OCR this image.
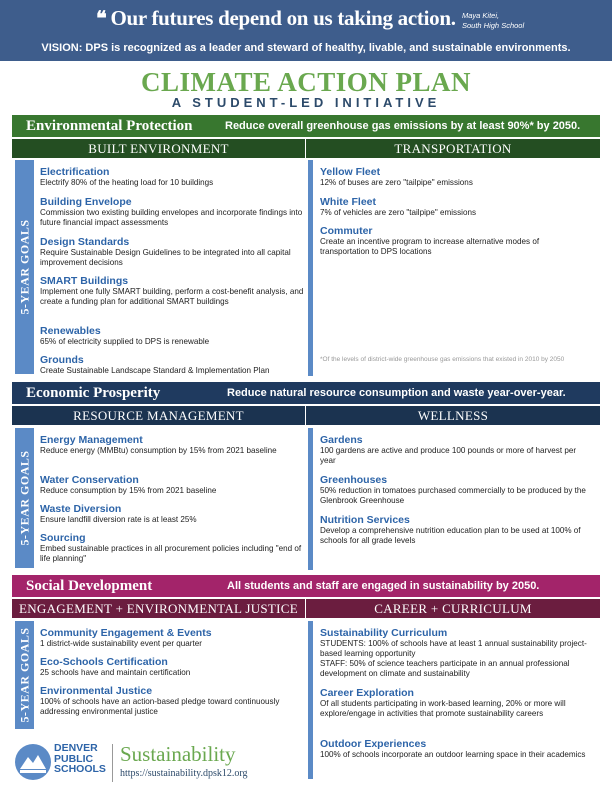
❝ Our futures depend on us taking action. Maya Kitei,
South High School
VISION: DPS is recognized as a leader and steward of healthy, livable, and sustainable environments.
CLIMATE ACTION PLAN
A STUDENT-LED INITIATIVE
Environmental Protection	Reduce overall greenhouse gas emissions by at least 90%* by 2050.
BUILT ENVIRONMENT	TRANSPORTATION
5-YEAR GOALS
Electrification
Electrify 80% of the heating load for 10 buildings
Building Envelope
Commission two existing building envelopes and incorporate findings into future financial impact assessments
Design Standards
Require Sustainable Design Guidelines to be integrated into all capital improvement decisions
SMART Buildings
Implement one fully SMART building, perform a cost-benefit analysis, and create a funding plan for additional SMART buildings
Renewables
65% of electricity supplied to DPS is renewable
Grounds
Create Sustainable Landscape Standard & Implementation Plan
Yellow Fleet
12% of buses are zero "tailpipe" emissions
White Fleet
7% of vehicles are zero "tailpipe" emissions
Commuter
Create an incentive program to increase alternative modes of transportation to DPS locations
*Of the levels of district-wide greenhouse gas emissions that existed in 2010 by 2050
Economic Prosperity	Reduce natural resource consumption and waste year-over-year.
RESOURCE MANAGEMENT	WELLNESS
5-YEAR GOALS
Energy Management
Reduce energy (MMBtu) consumption by 15% from 2021 baseline
Water Conservation
Reduce consumption by 15% from 2021 baseline
Waste Diversion
Ensure landfill diversion rate is at least 25%
Sourcing
Embed sustainable practices in all procurement policies including "end of life planning"
Gardens
100 gardens are active and produce 100 pounds or more of harvest per year
Greenhouses
50% reduction in tomatoes purchased commercially to be produced by the Glenbrook Greenhouse
Nutrition Services
Develop a comprehensive nutrition education plan to be used at 100% of schools for all grade levels
Social Development	All students and staff are engaged in sustainability by 2050.
ENGAGEMENT + ENVIRONMENTAL JUSTICE	CAREER + CURRICULUM
5-YEAR GOALS Community Engagement & Events
1 district-wide sustainability event per quarter
Eco-Schools Certification
25 schools have and maintain certification
Environmental Justice
100% of schools have an action-based pledge toward continuously addressing environmental justice
Sustainability Curriculum
STUDENTS: 100% of schools have at least 1 annual sustainability project-based learning opportunity
STAFF: 50% of science teachers participate in an annual professional development on climate and sustainability
Career Exploration
Of all students participating in work-based learning, 20% or more will explore/engage in activities that promote sustainability careers
Outdoor Experiences
100% of schools incorporate an outdoor learning space in their academics
DENVER
PUBLIC
SCHOOLS
Sustainability
https://sustainability.dpsk12.org
